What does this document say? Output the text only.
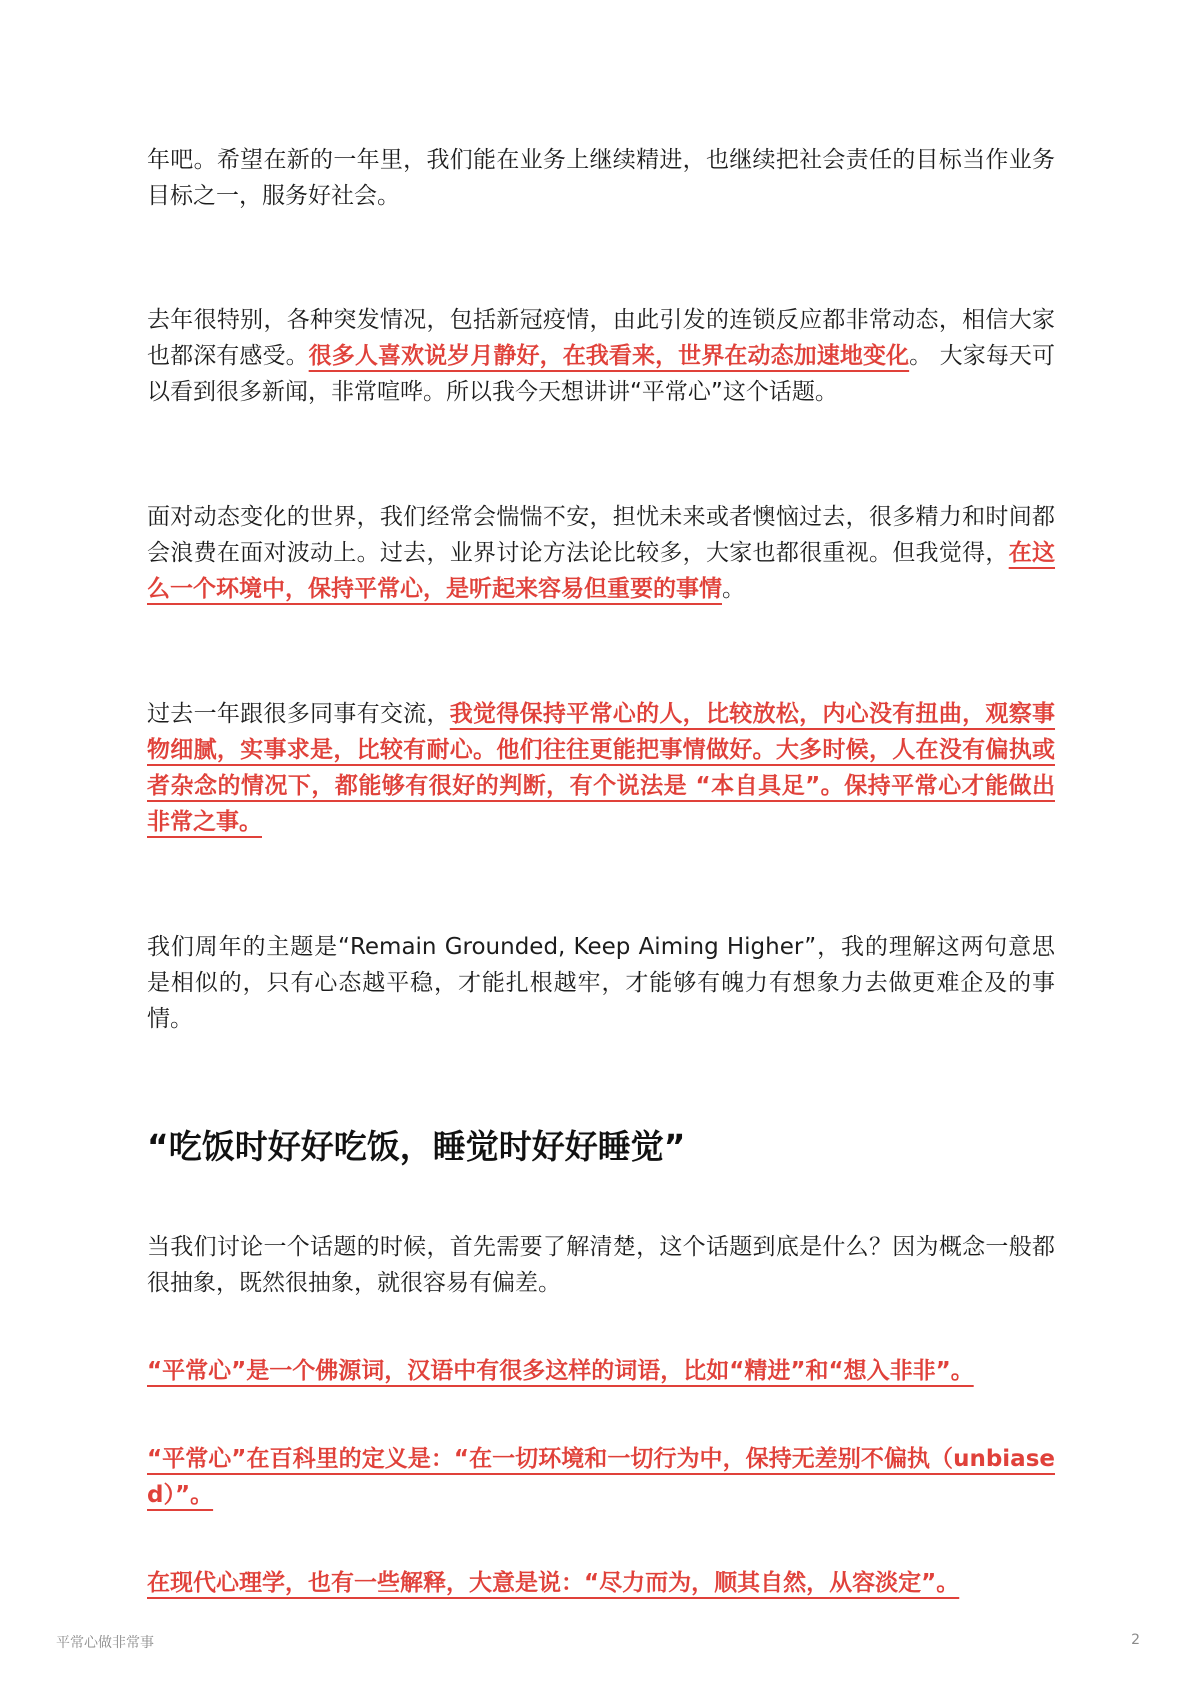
年吧。希望在新的一年里，我们能在业务上继续精进，也继续把社会责任的目标当作业务目标之一，服务好社会。

去年很特别，各种突发情况，包括新冠疫情，由此引发的连锁反应都非常动态，相信大家也都深有感受。很多人喜欢说岁月静好，在我看来，世界在动态加速地变化。 大家每天可以看到很多新闻，非常喧哗。所以我今天想讲讲“平常心”这个话题。

面对动态变化的世界，我们经常会惴惴不安，担忧未来或者懊恼过去，很多精力和时间都会浪费在面对波动上。过去，业界讨论方法论比较多，大家也都很重视。但我觉得，在这么一个环境中，保持平常心，是听起来容易但重要的事情。

过去一年跟很多同事有交流，我觉得保持平常心的人，比较放松，内心没有扭曲，观察事物细腻，实事求是，比较有耐心。他们往往更能把事情做好。大多时候，人在没有偏执或者杂念的情况下，都能够有很好的判断，有个说法是 “本自具足”。保持平常心才能做出非常之事。

我们周年的主题是“Remain Grounded, Keep Aiming Higher”，我的理解这两句意思是相似的，只有心态越平稳，才能扎根越牢，才能够有魄力有想象力去做更难企及的事情。

“吃饭时好好吃饭，睡觉时好好睡觉”

当我们讨论一个话题的时候，首先需要了解清楚，这个话题到底是什么？因为概念一般都很抽象，既然很抽象，就很容易有偏差。

“平常心”是一个佛源词，汉语中有很多这样的词语，比如“精进”和“想入非非”。

“平常心”在百科里的定义是：“在一切环境和一切行为中，保持无差别不偏执（unbiased）”。

在现代心理学，也有一些解释，大意是说：“尽力而为，顺其自然，从容淡定”。

平常心做非常事	2
